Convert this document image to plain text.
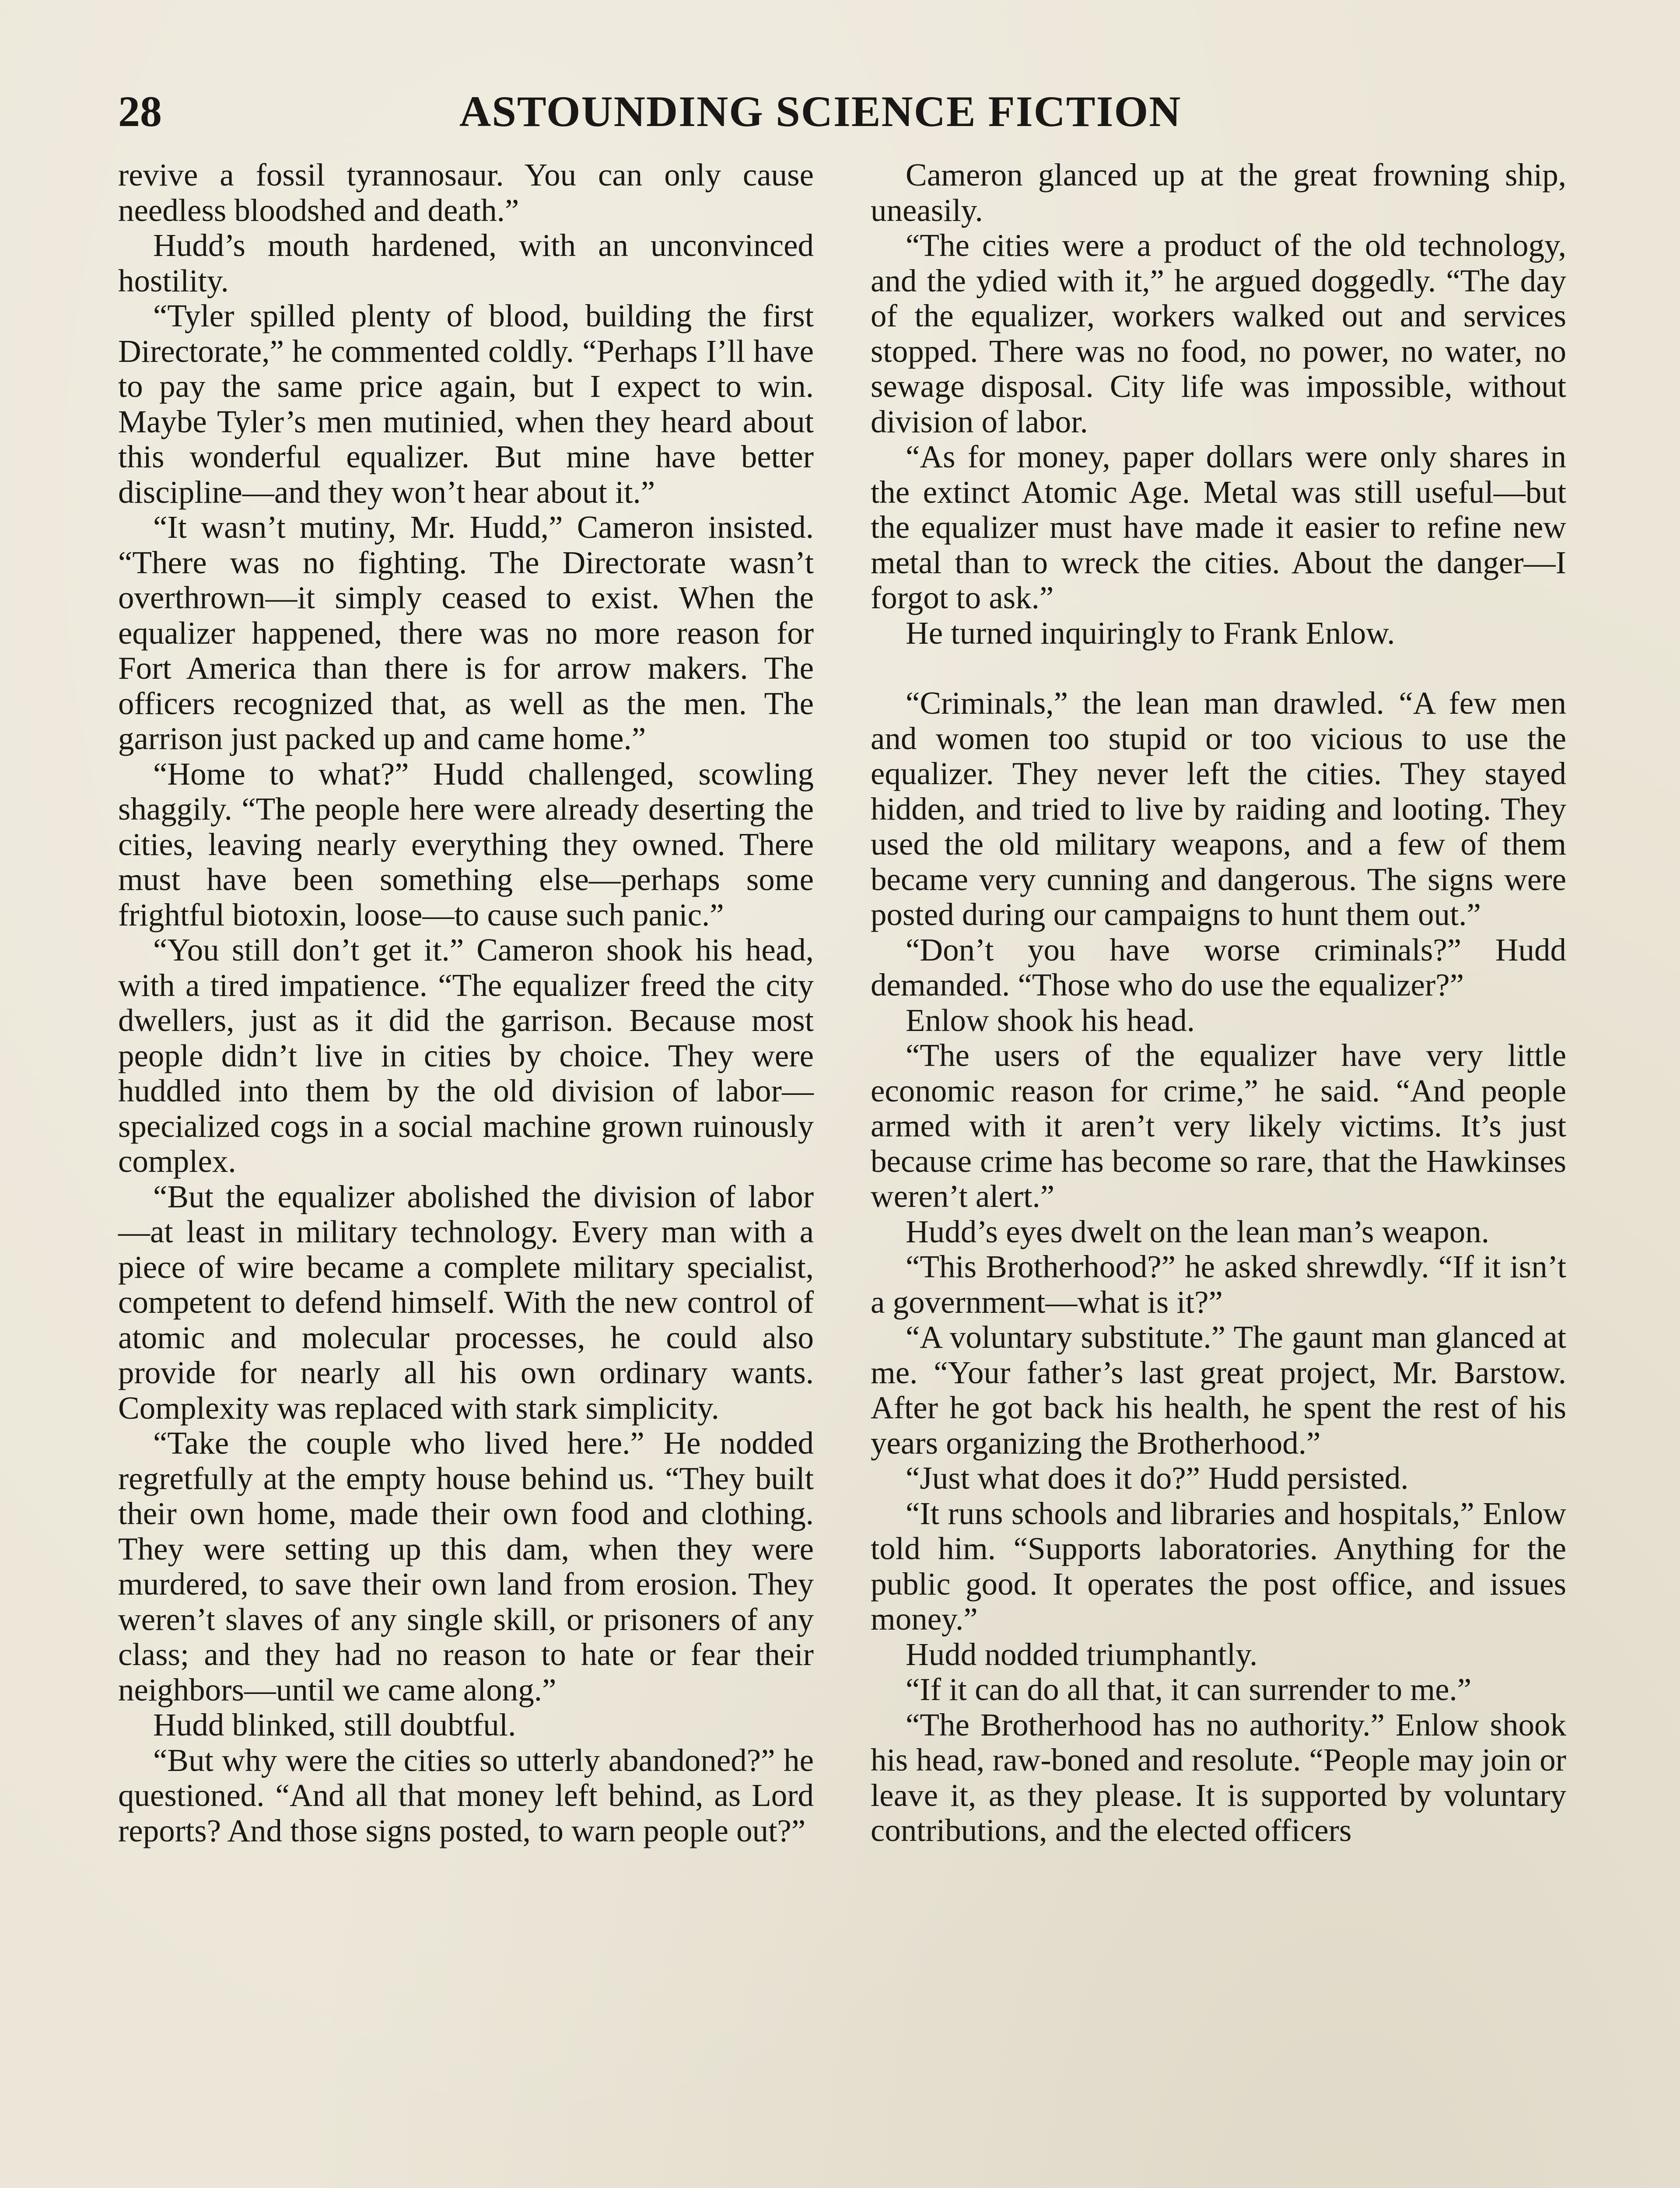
28	ASTOUNDING SCIENCE FICTION

revive a fossil tyrannosaur. You can only cause needless bloodshed and death.”

Hudd’s mouth hardened, with an unconvinced hostility.

“Tyler spilled plenty of blood, building the first Directorate,” he commented coldly. “Perhaps I’ll have to pay the same price again, but I expect to win. Maybe Tyler’s men mutinied, when they heard about this wonderful equalizer. But mine have better discipline—and they won’t hear about it.”

“It wasn’t mutiny, Mr. Hudd,” Cameron insisted. “There was no fighting. The Directorate wasn’t overthrown—it simply ceased to exist. When the equalizer happened, there was no more reason for Fort America than there is for arrow makers. The officers recognized that, as well as the men. The garrison just packed up and came home.”

“Home to what?” Hudd challenged, scowling shaggily. “The people here were already deserting the cities, leaving nearly everything they owned. There must have been something else—perhaps some frightful biotoxin, loose—to cause such panic.”

“You still don’t get it.” Cameron shook his head, with a tired impatience. “The equalizer freed the city dwellers, just as it did the garrison. Because most people didn’t live in cities by choice. They were huddled into them by the old division of labor—specialized cogs in a social machine grown ruinously complex.

“But the equalizer abolished the division of labor—at least in military technology. Every man with a piece of wire became a complete military specialist, competent to defend himself. With the new control of atomic and molecular processes, he could also provide for nearly all his own ordinary wants. Complexity was replaced with stark simplicity.

“Take the couple who lived here.” He nodded regretfully at the empty house behind us. “They built their own home, made their own food and clothing. They were setting up this dam, when they were murdered, to save their own land from erosion. They weren’t slaves of any single skill, or prisoners of any class; and they had no reason to hate or fear their neighbors—until we came along.”

Hudd blinked, still doubtful.

“But why were the cities so utterly abandoned?” he questioned. “And all that money left behind, as Lord reports? And those signs posted, to warn people out?”

Cameron glanced up at the great frowning ship, uneasily.

“The cities were a product of the old technology, and the ydied with it,” he argued doggedly. “The day of the equalizer, workers walked out and services stopped. There was no food, no power, no water, no sewage disposal. City life was impossible, without division of labor.

“As for money, paper dollars were only shares in the extinct Atomic Age. Metal was still useful—but the equalizer must have made it easier to refine new metal than to wreck the cities. About the danger—I forgot to ask.”

He turned inquiringly to Frank Enlow.

“Criminals,” the lean man drawled. “A few men and women too stupid or too vicious to use the equalizer. They never left the cities. They stayed hidden, and tried to live by raiding and looting. They used the old military weapons, and a few of them became very cunning and dangerous. The signs were posted during our campaigns to hunt them out.”

“Don’t you have worse criminals?” Hudd demanded. “Those who do use the equalizer?”

Enlow shook his head.

“The users of the equalizer have very little economic reason for crime,” he said. “And people armed with it aren’t very likely victims. It’s just because crime has become so rare, that the Hawkinses weren’t alert.”

Hudd’s eyes dwelt on the lean man’s weapon.

“This Brotherhood?” he asked shrewdly. “If it isn’t a government—what is it?”

“A voluntary substitute.” The gaunt man glanced at me. “Your father’s last great project, Mr. Barstow. After he got back his health, he spent the rest of his years organizing the Brotherhood.”

“Just what does it do?” Hudd persisted.

“It runs schools and libraries and hospitals,” Enlow told him. “Supports laboratories. Anything for the public good. It operates the post office, and issues money.”

Hudd nodded triumphantly.

“If it can do all that, it can surrender to me.”

“The Brotherhood has no authority.” Enlow shook his head, raw-boned and resolute. “People may join or leave it, as they please. It is supported by voluntary contributions, and the elected officers
